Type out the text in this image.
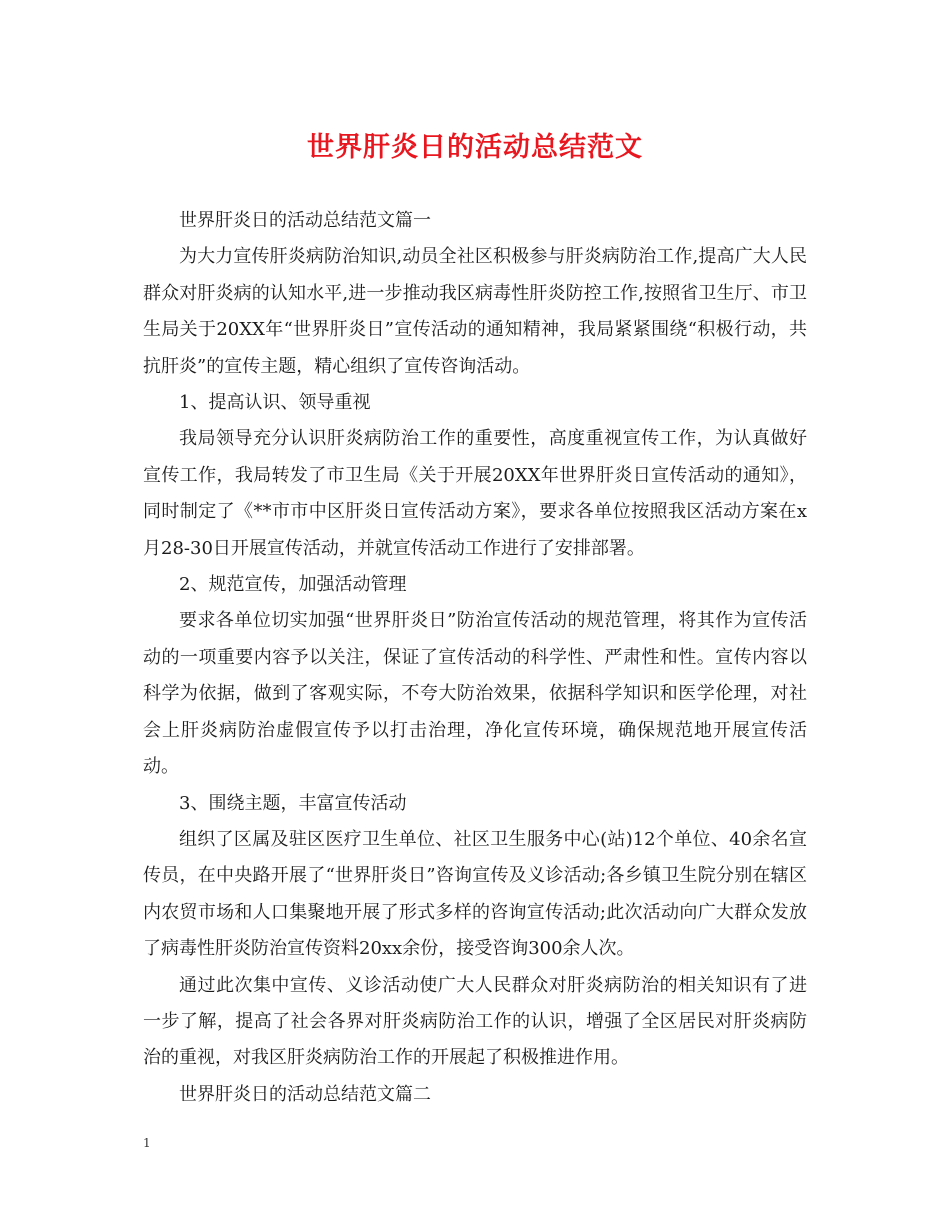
世界肝炎日的活动总结范文

世界肝炎日的活动总结范文篇一

为大力宣传肝炎病防治知识,动员全社区积极参与肝炎病防治工作,提高广大人民群众对肝炎病的认知水平,进一步推动我区病毒性肝炎防控工作,按照省卫生厅、市卫生局关于20XX年“世界肝炎日”宣传活动的通知精神，我局紧紧围绕“积极行动，共抗肝炎”的宣传主题，精心组织了宣传咨询活动。

1、提高认识、领导重视

我局领导充分认识肝炎病防治工作的重要性，高度重视宣传工作，为认真做好宣传工作，我局转发了市卫生局《关于开展20XX年世界肝炎日宣传活动的通知》，同时制定了《**市市中区肝炎日宣传活动方案》，要求各单位按照我区活动方案在x月28-30日开展宣传活动，并就宣传活动工作进行了安排部署。

2、规范宣传，加强活动管理

要求各单位切实加强“世界肝炎日”防治宣传活动的规范管理，将其作为宣传活动的一项重要内容予以关注，保证了宣传活动的科学性、严肃性和性。宣传内容以科学为依据，做到了客观实际，不夸大防治效果，依据科学知识和医学伦理，对社会上肝炎病防治虚假宣传予以打击治理，净化宣传环境，确保规范地开展宣传活动。

3、围绕主题，丰富宣传活动

组织了区属及驻区医疗卫生单位、社区卫生服务中心(站)12个单位、40余名宣传员，在中央路开展了“世界肝炎日”咨询宣传及义诊活动;各乡镇卫生院分别在辖区内农贸市场和人口集聚地开展了形式多样的咨询宣传活动;此次活动向广大群众发放了病毒性肝炎防治宣传资料20xx余份，接受咨询300余人次。

通过此次集中宣传、义诊活动使广大人民群众对肝炎病防治的相关知识有了进一步了解，提高了社会各界对肝炎病防治工作的认识，增强了全区居民对肝炎病防治的重视，对我区肝炎病防治工作的开展起了积极推进作用。

世界肝炎日的活动总结范文篇二

1
